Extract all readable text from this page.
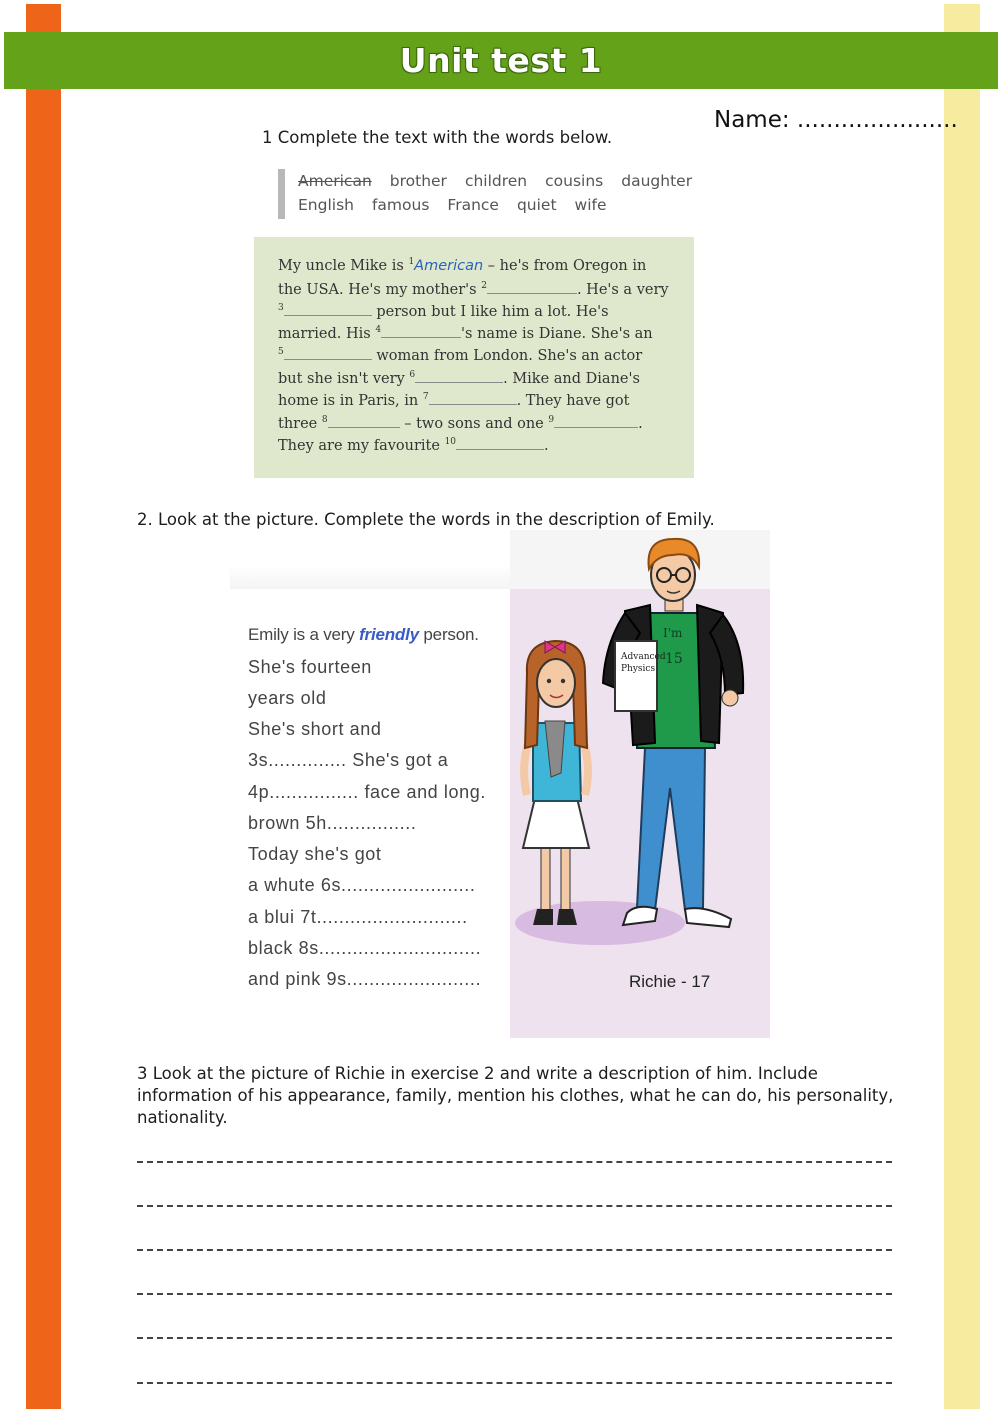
Unit test 1
Name: ......................
1 Complete the text with the words below.
American brother children cousins daughter
English famous France quiet wife
My uncle Mike is $^1$American – he's from Oregon in
the USA. He's my mother's $^2$	. He's a very
$^3$	person but I like him a lot. He's
married. His $^4$	's name is Diane. She's an
$^5$	woman from London. She's an actor
but she isn't very $^6$	. Mike and Diane's
home is in Paris, in $^7$	. They have got
three $^8$	– two sons and one $^9$	.
They are my favourite $^{10}$	.
2. Look at the picture. Complete the words in the description of Emily.
Emily is a very friendly person.
She's fourteen
years old
She's short and
3s.............. She's got a
4p................ face and long.
brown 5h................
Today she's got
a whute 6s........................
a blui 7t...........................
black 8s.............................
and pink 9s........................
Advanced
Physics
I'm
15
Richie - 17
3 Look at the picture of Richie in exercise 2 and write a description of him. Include information of his appearance, family, mention his clothes, what he can do, his personality, nationality.
